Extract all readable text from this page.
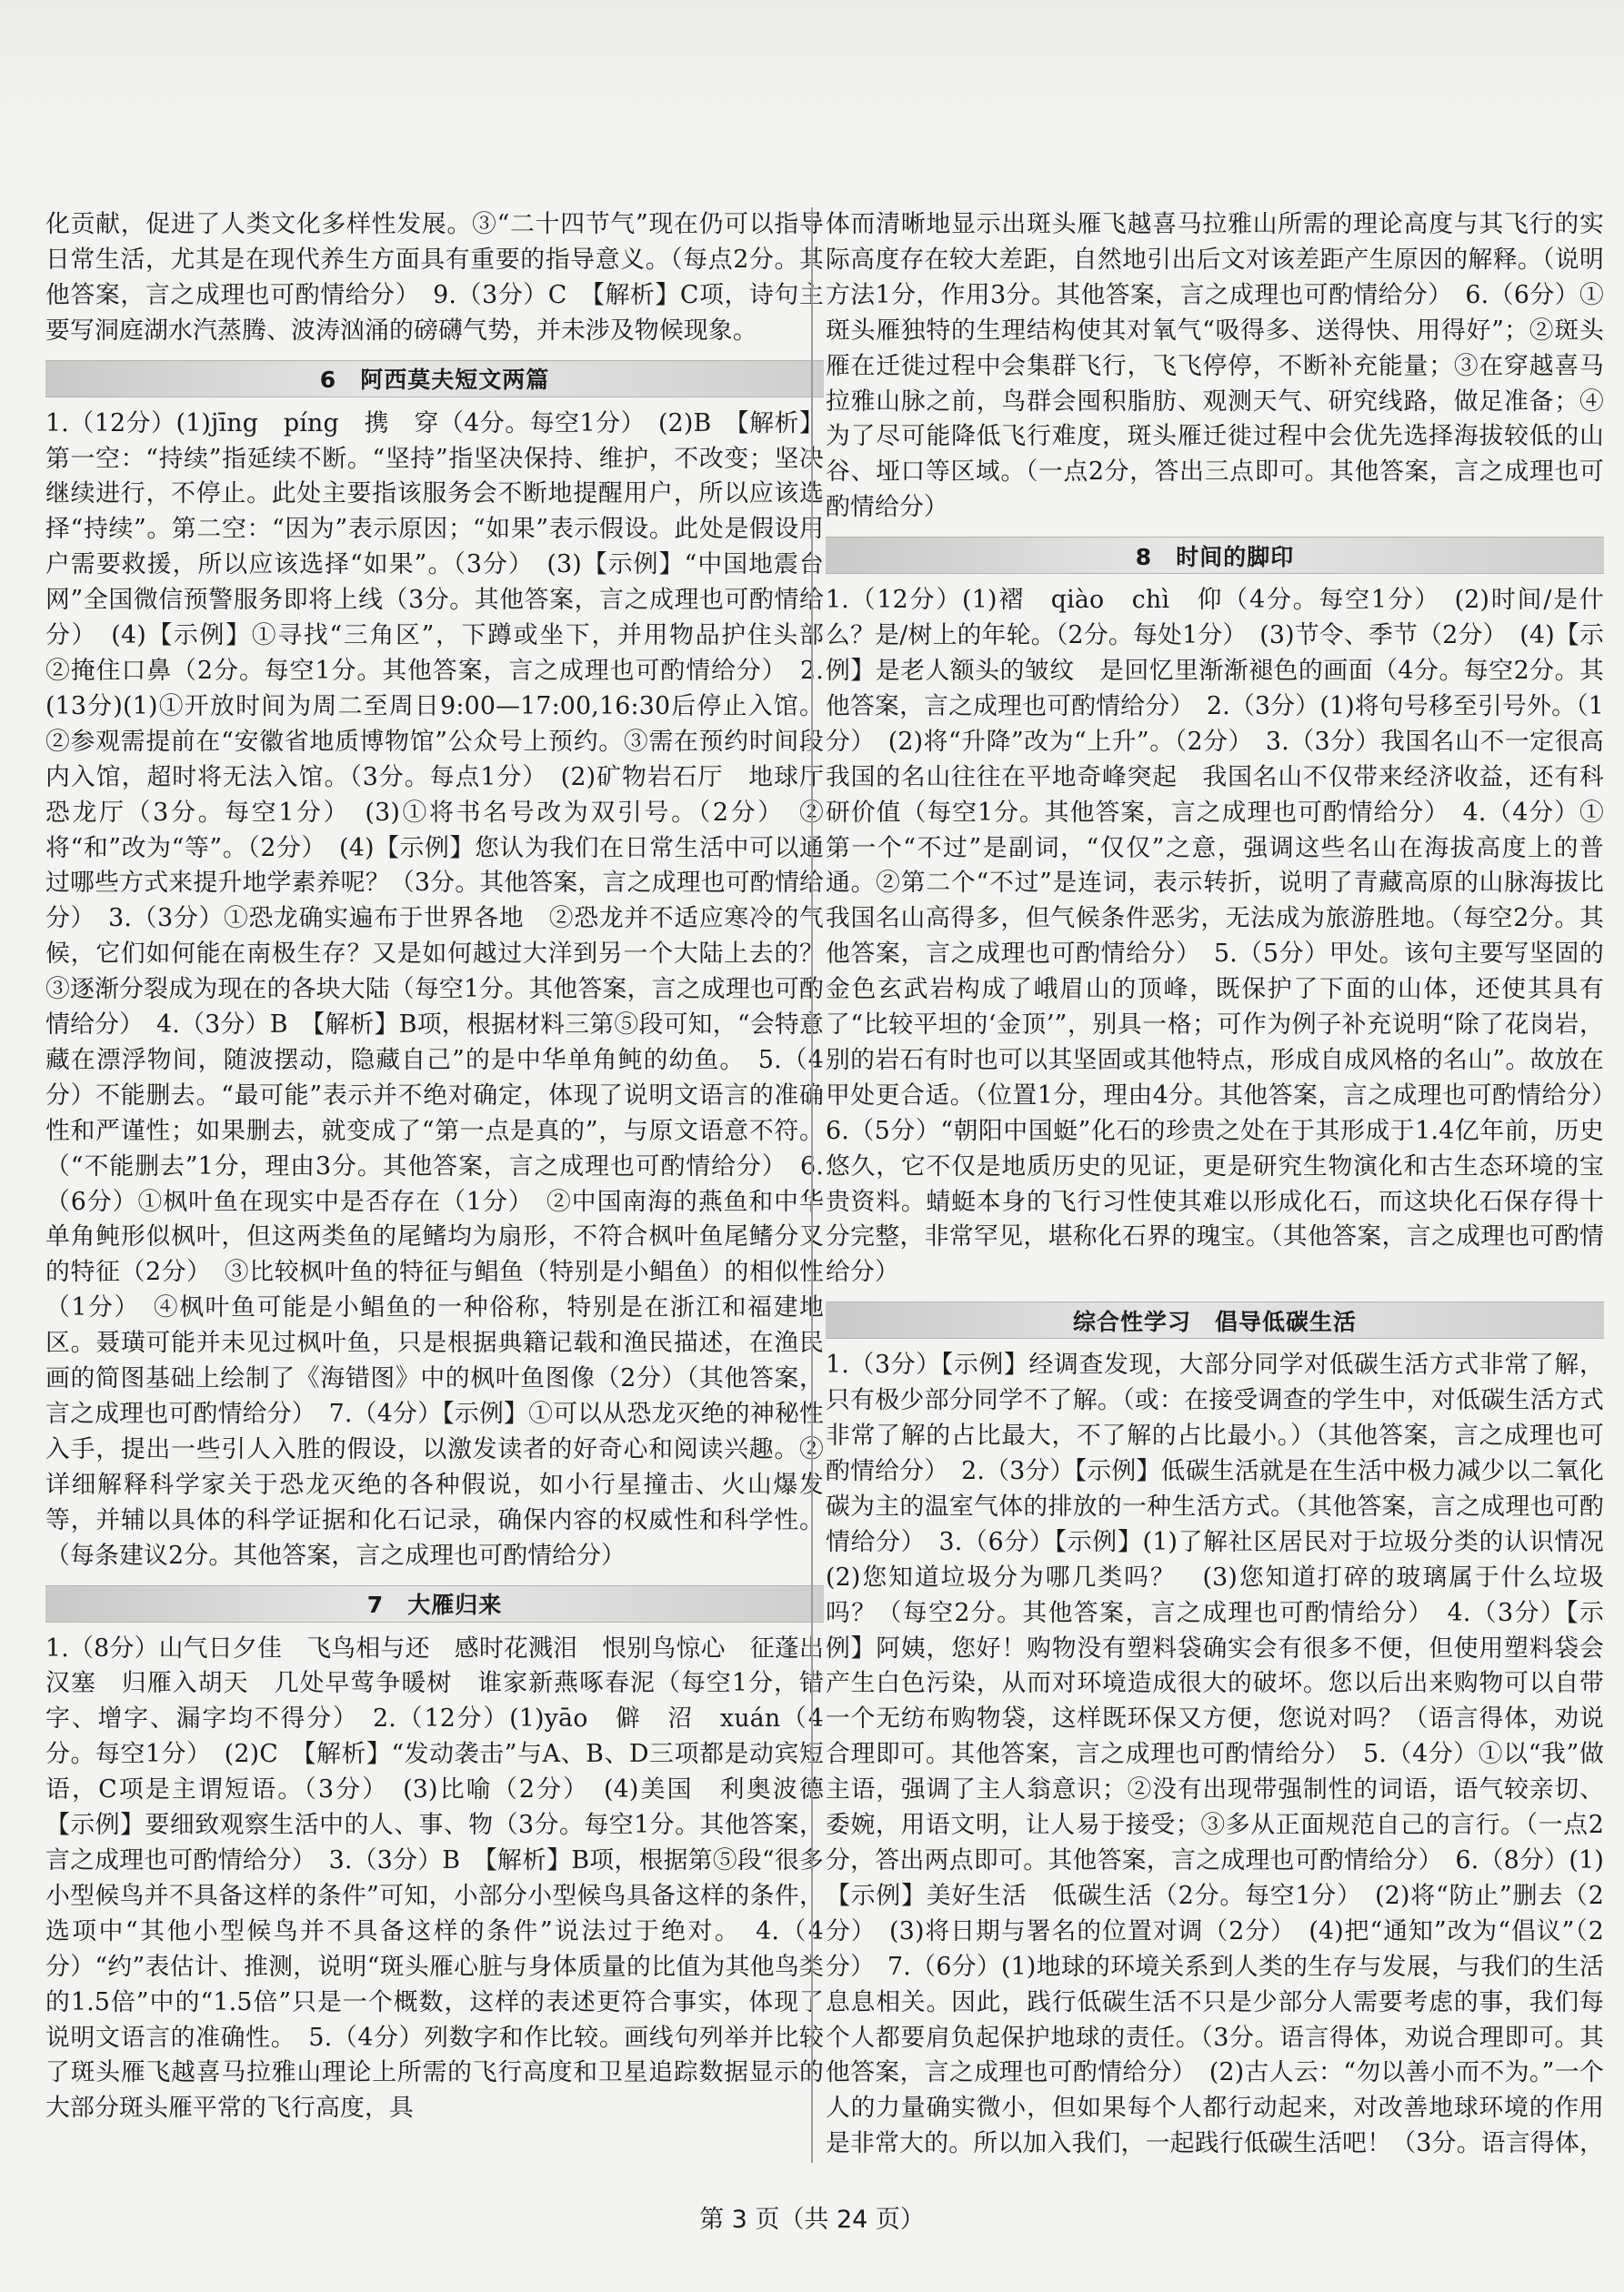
化贡献，促进了人类文化多样性发展。③“二十四节气”现在仍可以指导日常生活，尤其是在现代养生方面具有重要的指导意义。（每点2分。其他答案，言之成理也可酌情给分）　9.（3分）C　【解析】C项，诗句主要写洞庭湖水汽蒸腾、波涛汹涌的磅礴气势，并未涉及物候现象。

6　阿西莫夫短文两篇

1.（12分）(1)jīng　píng　携　穿（4分。每空1分）　(2)B　【解析】第一空：“持续”指延续不断。“坚持”指坚决保持、维护，不改变；坚决继续进行，不停止。此处主要指该服务会不断地提醒用户，所以应该选择“持续”。第二空：“因为”表示原因；“如果”表示假设。此处是假设用户需要救援，所以应该选择“如果”。（3分）　(3)【示例】“中国地震台网”全国微信预警服务即将上线（3分。其他答案，言之成理也可酌情给分）　(4)【示例】①寻找“三角区”，下蹲或坐下，并用物品护住头部　②掩住口鼻（2分。每空1分。其他答案，言之成理也可酌情给分）　2.(13分)(1)①开放时间为周二至周日9:00—17:00,16:30后停止入馆。②参观需提前在“安徽省地质博物馆”公众号上预约。③需在预约时间段内入馆，超时将无法入馆。（3分。每点1分）　(2)矿物岩石厅　地球厅　恐龙厅（3分。每空1分）　(3)①将书名号改为双引号。（2分）　②将“和”改为“等”。（2分）　(4)【示例】您认为我们在日常生活中可以通过哪些方式来提升地学素养呢？（3分。其他答案，言之成理也可酌情给分）　3.（3分）①恐龙确实遍布于世界各地　②恐龙并不适应寒冷的气候，它们如何能在南极生存？又是如何越过大洋到另一个大陆上去的？　③逐渐分裂成为现在的各块大陆（每空1分。其他答案，言之成理也可酌情给分）　4.（3分）B　【解析】B项，根据材料三第⑤段可知，“会特意藏在漂浮物间，随波摆动，隐藏自己”的是中华单角鲀的幼鱼。　5.（4分）不能删去。“最可能”表示并不绝对确定，体现了说明文语言的准确性和严谨性；如果删去，就变成了“第一点是真的”，与原文语意不符。（“不能删去”1分，理由3分。其他答案，言之成理也可酌情给分）　6.（6分）①枫叶鱼在现实中是否存在（1分）　②中国南海的燕鱼和中华单角鲀形似枫叶，但这两类鱼的尾鳍均为扇形，不符合枫叶鱼尾鳍分叉的特征（2分）　③比较枫叶鱼的特征与鲳鱼（特别是小鲳鱼）的相似性（1分）　④枫叶鱼可能是小鲳鱼的一种俗称，特别是在浙江和福建地区。聂璜可能并未见过枫叶鱼，只是根据典籍记载和渔民描述，在渔民画的简图基础上绘制了《海错图》中的枫叶鱼图像（2分）（其他答案，言之成理也可酌情给分）　7.（4分）【示例】①可以从恐龙灭绝的神秘性入手，提出一些引人入胜的假设，以激发读者的好奇心和阅读兴趣。②详细解释科学家关于恐龙灭绝的各种假说，如小行星撞击、火山爆发等，并辅以具体的科学证据和化石记录，确保内容的权威性和科学性。（每条建议2分。其他答案，言之成理也可酌情给分）

7　大雁归来

1.（8分）山气日夕佳　飞鸟相与还　感时花溅泪　恨别鸟惊心　征蓬出汉塞　归雁入胡天　几处早莺争暖树　谁家新燕啄春泥（每空1分，错字、增字、漏字均不得分）　2.（12分）(1)yāo　僻　沼　xuán（4分。每空1分）　(2)C　【解析】“发动袭击”与A、B、D三项都是动宾短语，C项是主谓短语。（3分）　(3)比喻（2分）　(4)美国　利奥波德　【示例】要细致观察生活中的人、事、物（3分。每空1分。其他答案，言之成理也可酌情给分）　3.（3分）B　【解析】B项，根据第⑤段“很多小型候鸟并不具备这样的条件”可知，小部分小型候鸟具备这样的条件，选项中“其他小型候鸟并不具备这样的条件”说法过于绝对。　4.（4分）“约”表估计、推测，说明“斑头雁心脏与身体质量的比值为其他鸟类的1.5倍”中的“1.5倍”只是一个概数，这样的表述更符合事实，体现了说明文语言的准确性。　5.（4分）列数字和作比较。画线句列举并比较了斑头雁飞越喜马拉雅山理论上所需的飞行高度和卫星追踪数据显示的大部分斑头雁平常的飞行高度，具

体而清晰地显示出斑头雁飞越喜马拉雅山所需的理论高度与其飞行的实际高度存在较大差距，自然地引出后文对该差距产生原因的解释。（说明方法1分，作用3分。其他答案，言之成理也可酌情给分）　6.（6分）①斑头雁独特的生理结构使其对氧气“吸得多、送得快、用得好”；②斑头雁在迁徙过程中会集群飞行，飞飞停停，不断补充能量；③在穿越喜马拉雅山脉之前，鸟群会囤积脂肪、观测天气、研究线路，做足准备；④为了尽可能降低飞行难度，斑头雁迁徙过程中会优先选择海拔较低的山谷、垭口等区域。（一点2分，答出三点即可。其他答案，言之成理也可酌情给分）

8　时间的脚印

1.（12分）(1)褶　qiào　chì　仰（4分。每空1分）　(2)时间/是什么？是/树上的年轮。（2分。每处1分）　(3)节令、季节（2分）　(4)【示例】是老人额头的皱纹　是回忆里渐渐褪色的画面（4分。每空2分。其他答案，言之成理也可酌情给分）　2.（3分）(1)将句号移至引号外。（1分）　(2)将“升降”改为“上升”。（2分）　3.（3分）我国名山不一定很高　我国的名山往往在平地奇峰突起　我国名山不仅带来经济收益，还有科研价值（每空1分。其他答案，言之成理也可酌情给分）　4.（4分）①第一个“不过”是副词，“仅仅”之意，强调这些名山在海拔高度上的普通。②第二个“不过”是连词，表示转折，说明了青藏高原的山脉海拔比我国名山高得多，但气候条件恶劣，无法成为旅游胜地。（每空2分。其他答案，言之成理也可酌情给分）　5.（5分）甲处。该句主要写坚固的金色玄武岩构成了峨眉山的顶峰，既保护了下面的山体，还使其具有了“比较平坦的‘金顶’”，别具一格；可作为例子补充说明“除了花岗岩，别的岩石有时也可以其坚固或其他特点，形成自成风格的名山”。故放在甲处更合适。（位置1分，理由4分。其他答案，言之成理也可酌情给分）　6.（5分）“朝阳中国蜓”化石的珍贵之处在于其形成于1.4亿年前，历史悠久，它不仅是地质历史的见证，更是研究生物演化和古生态环境的宝贵资料。蜻蜓本身的飞行习性使其难以形成化石，而这块化石保存得十分完整，非常罕见，堪称化石界的瑰宝。（其他答案，言之成理也可酌情给分）

综合性学习　倡导低碳生活

1.（3分）【示例】经调查发现，大部分同学对低碳生活方式非常了解，只有极少部分同学不了解。（或：在接受调查的学生中，对低碳生活方式非常了解的占比最大，不了解的占比最小。）（其他答案，言之成理也可酌情给分）　2.（3分）【示例】低碳生活就是在生活中极力减少以二氧化碳为主的温室气体的排放的一种生活方式。（其他答案，言之成理也可酌情给分）　3.（6分）【示例】(1)了解社区居民对于垃圾分类的认识情况　(2)您知道垃圾分为哪几类吗？　(3)您知道打碎的玻璃属于什么垃圾吗？（每空2分。其他答案，言之成理也可酌情给分）　4.（3分）【示例】阿姨，您好！购物没有塑料袋确实会有很多不便，但使用塑料袋会产生白色污染，从而对环境造成很大的破坏。您以后出来购物可以自带一个无纺布购物袋，这样既环保又方便，您说对吗？（语言得体，劝说合理即可。其他答案，言之成理也可酌情给分）　5.（4分）①以“我”做主语，强调了主人翁意识；②没有出现带强制性的词语，语气较亲切、委婉，用语文明，让人易于接受；③多从正面规范自己的言行。（一点2分，答出两点即可。其他答案，言之成理也可酌情给分）　6.（8分）(1)【示例】美好生活　低碳生活（2分。每空1分）　(2)将“防止”删去（2分）　(3)将日期与署名的位置对调（2分）　(4)把“通知”改为“倡议”（2分）　7.（6分）(1)地球的环境关系到人类的生存与发展，与我们的生活息息相关。因此，践行低碳生活不只是少部分人需要考虑的事，我们每个人都要肩负起保护地球的责任。（3分。语言得体，劝说合理即可。其他答案，言之成理也可酌情给分）　(2)古人云：“勿以善小而不为。”一个人的力量确实微小，但如果每个人都行动起来，对改善地球环境的作用是非常大的。所以加入我们，一起践行低碳生活吧！（3分。语言得体，　

第 3 页（共 24 页）
